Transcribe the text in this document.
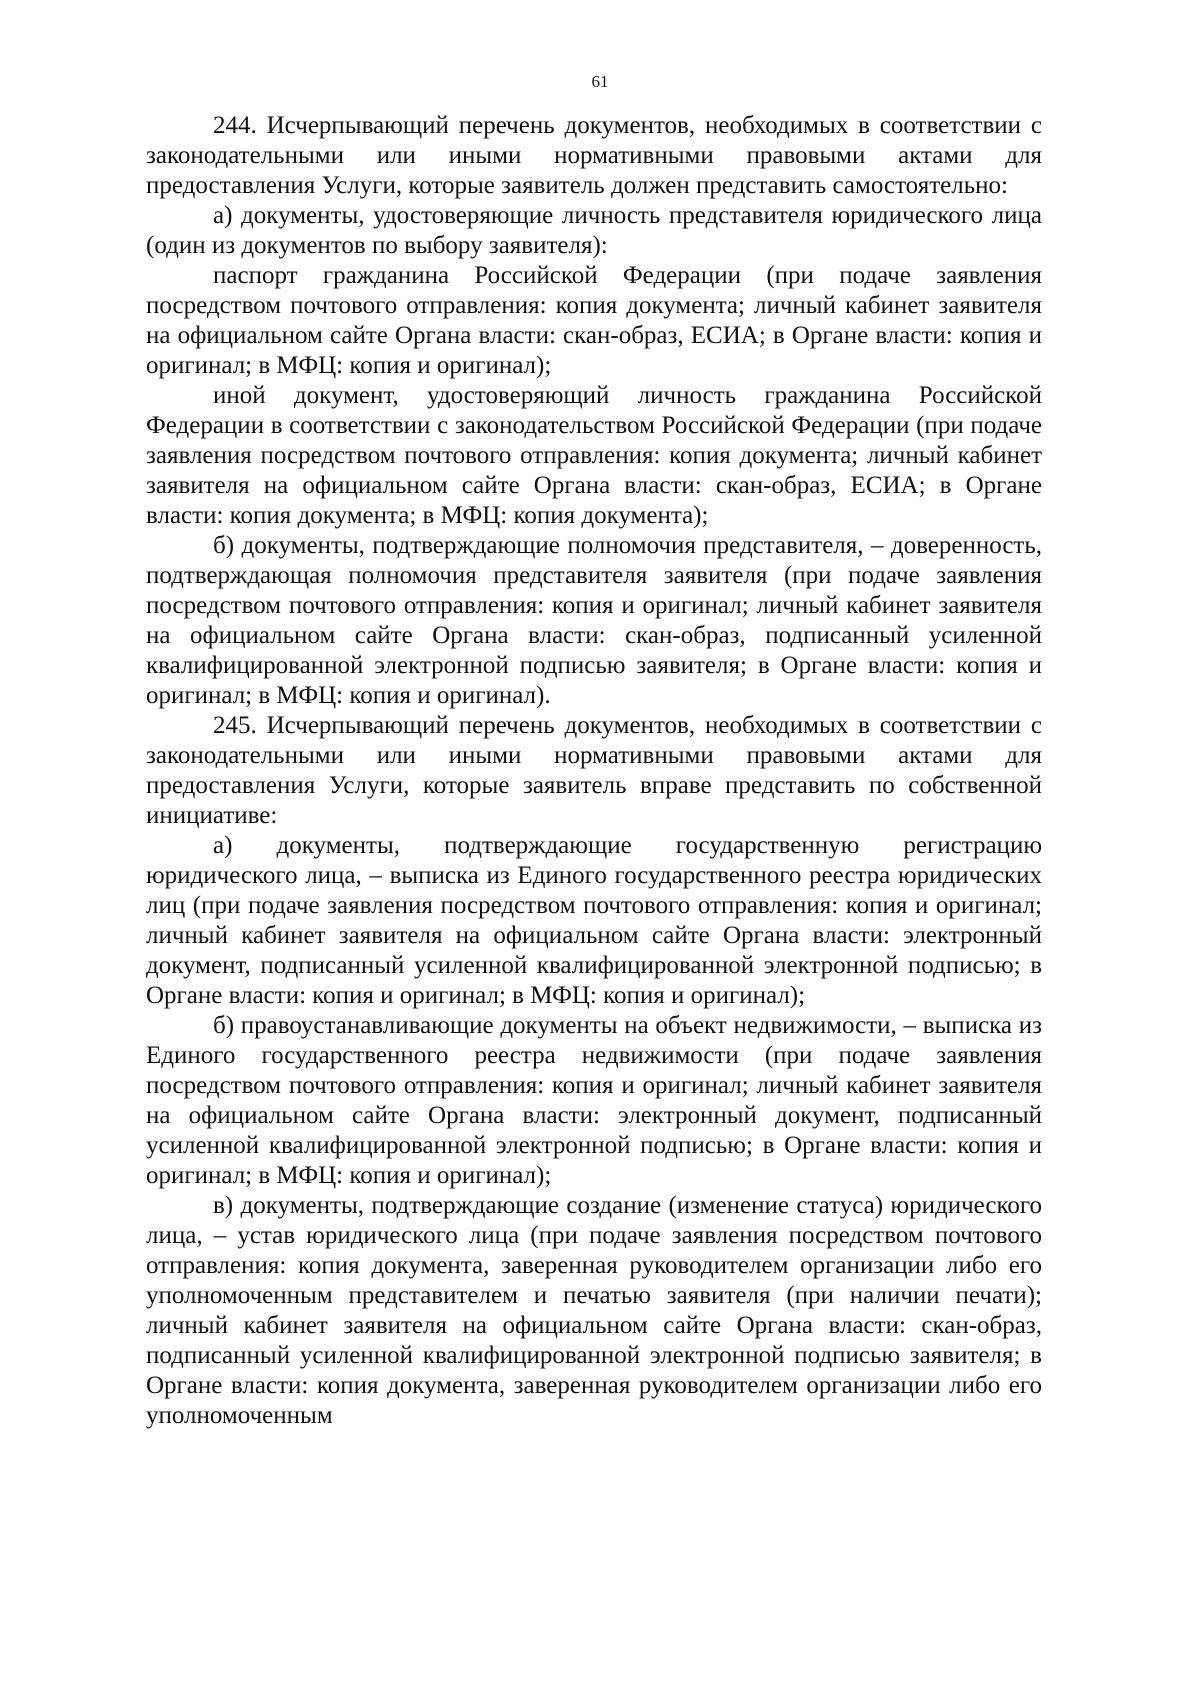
61

244. Исчерпывающий перечень документов, необходимых в соответствии с законодательными или иными нормативными правовыми актами для предоставления Услуги, которые заявитель должен представить самостоятельно:

а) документы, удостоверяющие личность представителя юридического лица (один из документов по выбору заявителя):

паспорт гражданина Российской Федерации (при подаче заявления посредством почтового отправления: копия документа; личный кабинет заявителя на официальном сайте Органа власти: скан-образ, ЕСИА; в Органе власти: копия и оригинал; в МФЦ: копия и оригинал);

иной документ, удостоверяющий личность гражданина Российской Федерации в соответствии с законодательством Российской Федерации (при подаче заявления посредством почтового отправления: копия документа; личный кабинет заявителя на официальном сайте Органа власти: скан-образ, ЕСИА; в Органе власти: копия документа; в МФЦ: копия документа);

б) документы, подтверждающие полномочия представителя, – доверенность, подтверждающая полномочия представителя заявителя (при подаче заявления посредством почтового отправления: копия и оригинал; личный кабинет заявителя на официальном сайте Органа власти: скан-образ, подписанный усиленной квалифицированной электронной подписью заявителя; в Органе власти: копия и оригинал; в МФЦ: копия и оригинал).

245. Исчерпывающий перечень документов, необходимых в соответствии с законодательными или иными нормативными правовыми актами для предоставления Услуги, которые заявитель вправе представить по собственной инициативе:

а) документы, подтверждающие государственную регистрацию юридического лица, – выписка из Единого государственного реестра юридических лиц (при подаче заявления посредством почтового отправления: копия и оригинал; личный кабинет заявителя на официальном сайте Органа власти: электронный документ, подписанный усиленной квалифицированной электронной подписью; в Органе власти: копия и оригинал; в МФЦ: копия и оригинал);

б) правоустанавливающие документы на объект недвижимости, – выписка из Единого государственного реестра недвижимости (при подаче заявления посредством почтового отправления: копия и оригинал; личный кабинет заявителя на официальном сайте Органа власти: электронный документ, подписанный усиленной квалифицированной электронной подписью; в Органе власти: копия и оригинал; в МФЦ: копия и оригинал);

в) документы, подтверждающие создание (изменение статуса) юридического лица, – устав юридического лица (при подаче заявления посредством почтового отправления: копия документа, заверенная руководителем организации либо его уполномоченным представителем и печатью заявителя (при наличии печати); личный кабинет заявителя на официальном сайте Органа власти: скан-образ, подписанный усиленной квалифицированной электронной подписью заявителя; в Органе власти: копия документа, заверенная руководителем организации либо его уполномоченным
